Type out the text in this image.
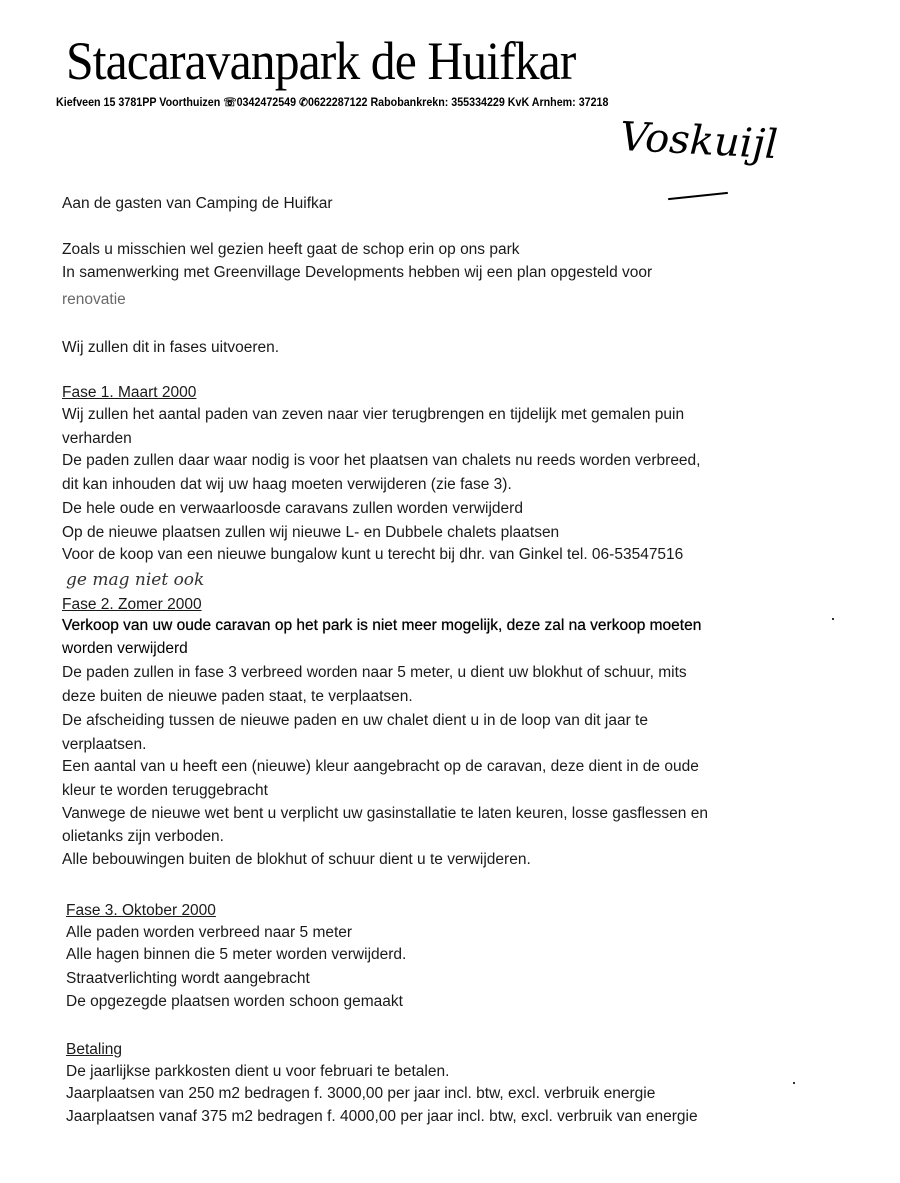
Stacaravanpark de Huifkar
Kiefveen 15 3781PP Voorthuizen ☏0342472549 ✆0622287122 Rabobankrekn: 355334229 KvK Arnhem: 37218
Voskuijl
Aan de gasten van Camping de Huifkar
Zoals u misschien wel gezien heeft gaat de schop erin op ons park
In samenwerking met Greenvillage Developments hebben wij een plan opgesteld voor
renovatie
Wij zullen dit in fases uitvoeren.
Fase 1. Maart 2000
Wij zullen het aantal paden van zeven naar vier terugbrengen en tijdelijk met gemalen puin
verharden
De paden zullen daar waar nodig is voor het plaatsen van chalets nu reeds worden verbreed,
dit kan inhouden dat wij uw haag moeten verwijderen (zie fase 3).
De hele oude en verwaarloosde caravans zullen worden verwijderd
Op de nieuwe plaatsen zullen wij nieuwe L- en Dubbele chalets plaatsen
Voor de koop van een nieuwe bungalow kunt u terecht bij dhr. van Ginkel tel. 06-53547516
ge mag niet ook
Fase 2. Zomer 2000
Verkoop van uw oude caravan op het park is niet meer mogelijk, deze zal na verkoop moeten
worden verwijderd
De paden zullen in fase 3 verbreed worden naar 5 meter, u dient uw blokhut of schuur, mits
deze buiten de nieuwe paden staat, te verplaatsen.
De afscheiding tussen de nieuwe paden en uw chalet dient u in de loop van dit jaar te
verplaatsen.
Een aantal van u heeft een (nieuwe) kleur aangebracht op de caravan, deze dient in de oude
kleur te worden teruggebracht
Vanwege de nieuwe wet bent u verplicht uw gasinstallatie te laten keuren, losse gasflessen en
olietanks zijn verboden.
Alle bebouwingen buiten de blokhut of schuur dient u te verwijderen.
Fase 3. Oktober 2000
Alle paden worden verbreed naar 5 meter
Alle hagen binnen die 5 meter worden verwijderd.
Straatverlichting wordt aangebracht
De opgezegde plaatsen worden schoon gemaakt
Betaling
De jaarlijkse parkkosten dient u voor februari te betalen.
Jaarplaatsen van 250 m2 bedragen f. 3000,00 per jaar incl. btw, excl. verbruik energie
Jaarplaatsen vanaf 375 m2 bedragen f. 4000,00 per jaar incl. btw, excl. verbruik van energie
